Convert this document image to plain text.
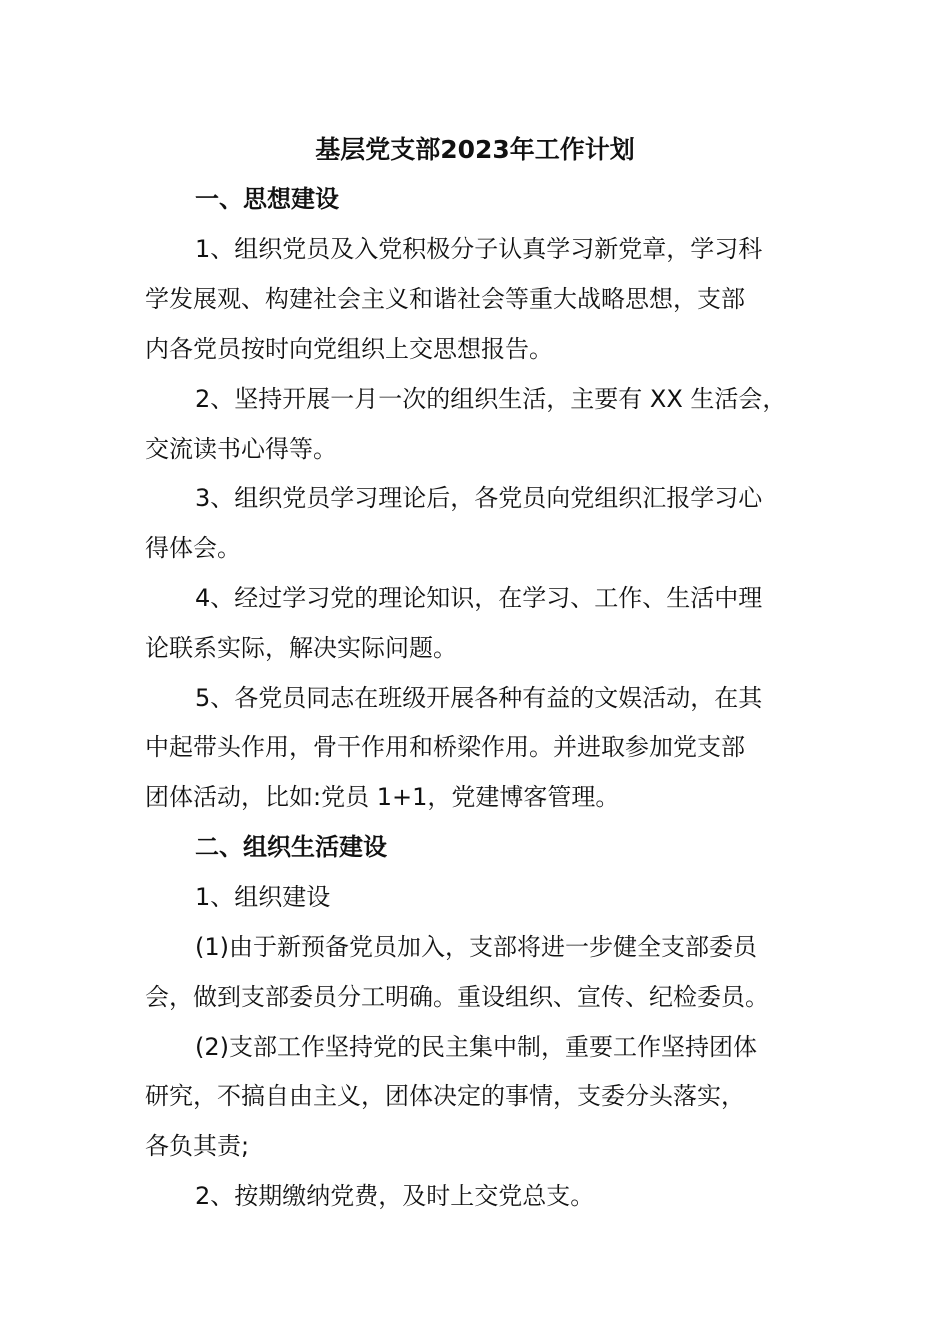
基层党支部2023年工作计划
一、思想建设
1、组织党员及入党积极分子认真学习新党章，学习科
学发展观、构建社会主义和谐社会等重大战略思想，支部
内各党员按时向党组织上交思想报告。
2、坚持开展一月一次的组织生活，主要有 XX 生活会，
交流读书心得等。
3、组织党员学习理论后，各党员向党组织汇报学习心
得体会。
4、经过学习党的理论知识，在学习、工作、生活中理
论联系实际，解决实际问题。
5、各党员同志在班级开展各种有益的文娱活动，在其
中起带头作用，骨干作用和桥梁作用。并进取参加党支部
团体活动，比如:党员 1+1，党建博客管理。
二、组织生活建设
1、组织建设
(1)由于新预备党员加入，支部将进一步健全支部委员
会，做到支部委员分工明确。重设组织、宣传、纪检委员。
(2)支部工作坚持党的民主集中制，重要工作坚持团体
研究，不搞自由主义，团体决定的事情，支委分头落实，
各负其责;
2、按期缴纳党费，及时上交党总支。
